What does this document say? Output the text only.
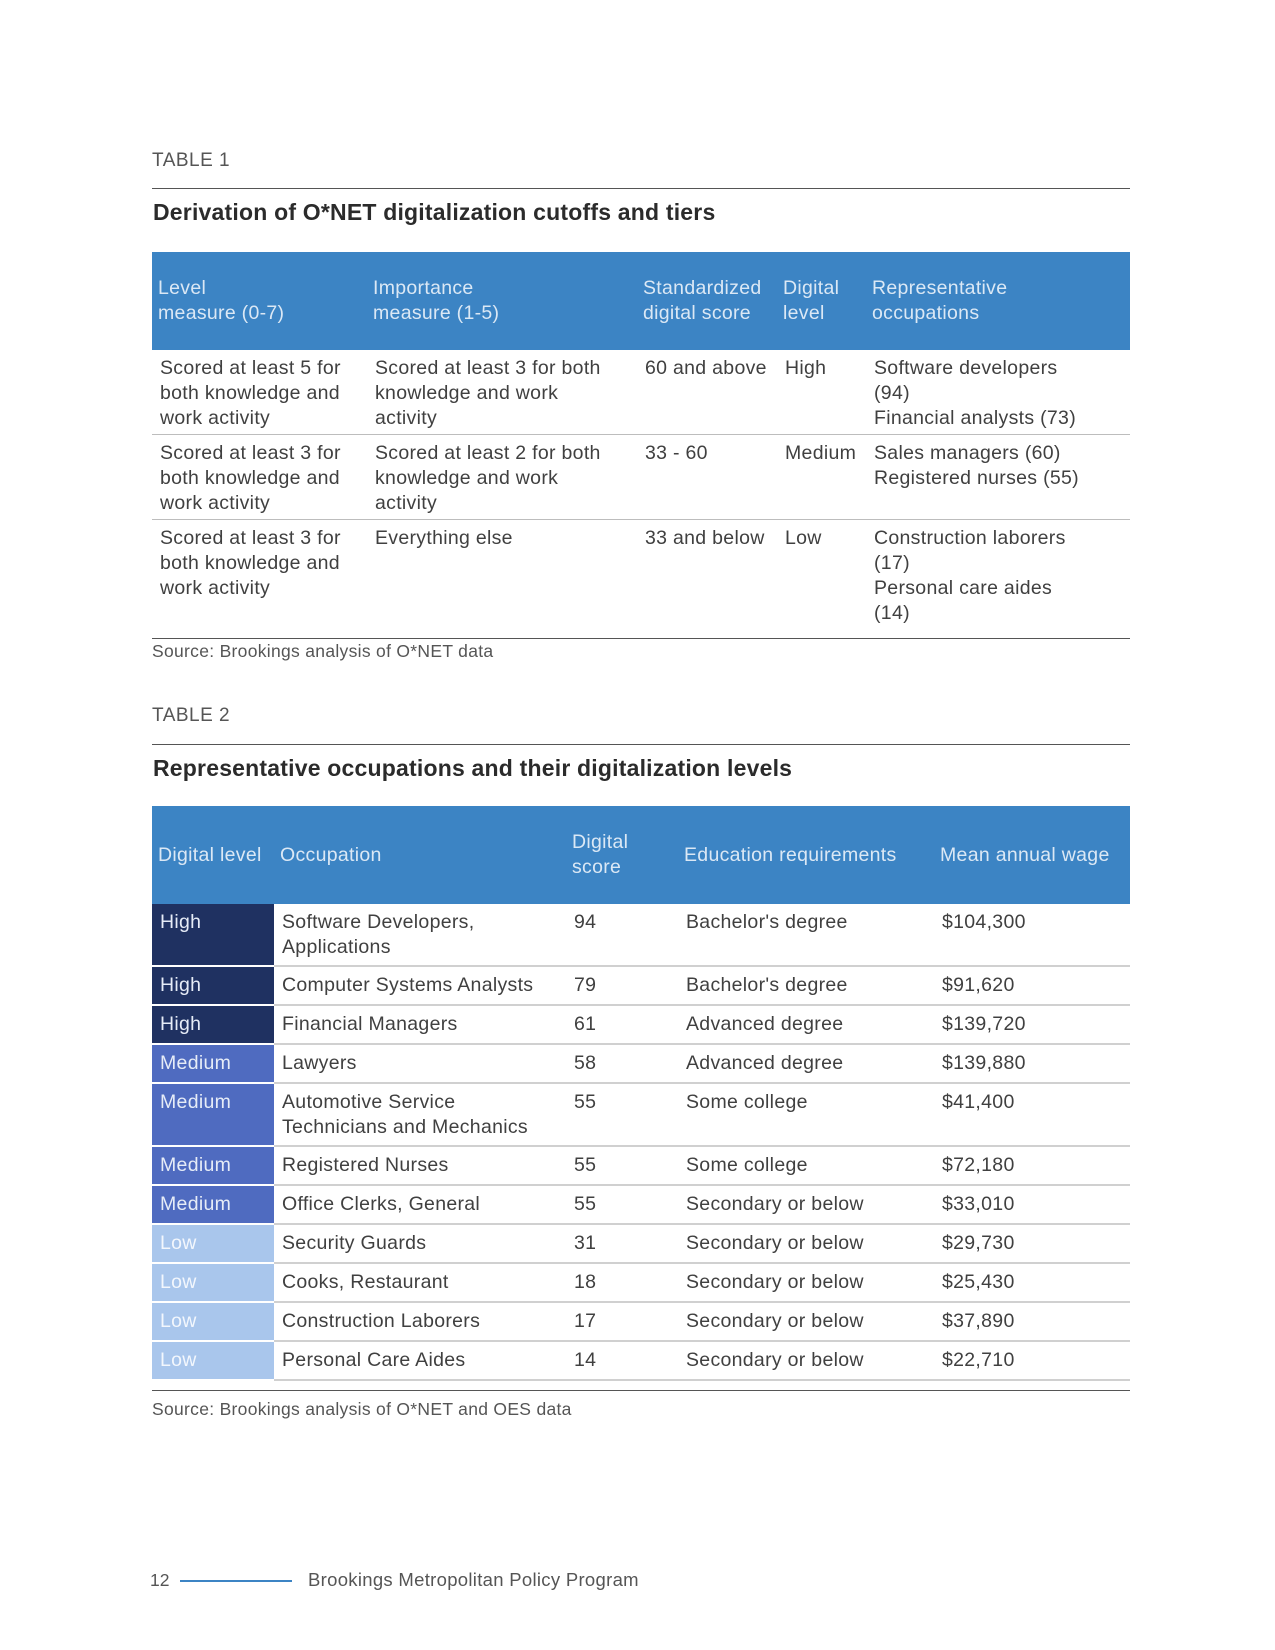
TABLE 1
Derivation of O*NET digitalization cutoffs and tiers
Level
measure (0-7)	Importance
measure (1-5)	Standardized
digital score	Digital
level	Representative
occupations

Scored at least 5 for
both knowledge and
work activity	Scored at least 3 for both
knowledge and work
activity	60 and above	High	Software developers
(94)
Financial analysts (73)

Scored at least 3 for
both knowledge and
work activity	Scored at least 2 for both
knowledge and work
activity	33 - 60	Medium	Sales managers (60)
Registered nurses (55)

Scored at least 3 for
both knowledge and
work activity	Everything else	33 and below	Low	Construction laborers
(17)
Personal care aides
(14)
Source: Brookings analysis of O*NET data
TABLE 2
Representative occupations and their digitalization levels
Digital level	Occupation	Digital
score	Education requirements	Mean annual wage
High	Software Developers,
Applications	94	Bachelor's degree	$104,300
High	Computer Systems Analysts	79	Bachelor's degree	$91,620
High	Financial Managers	61	Advanced degree	$139,720
Medium	Lawyers	58	Advanced degree	$139,880
Medium	Automotive Service
Technicians and Mechanics	55	Some college	$41,400
Medium	Registered Nurses	55	Some college	$72,180
Medium	Office Clerks, General	55	Secondary or below	$33,010
Low	Security Guards	31	Secondary or below	$29,730
Low	Cooks, Restaurant	18	Secondary or below	$25,430
Low	Construction Laborers	17	Secondary or below	$37,890
Low	Personal Care Aides	14	Secondary or below	$22,710
Source: Brookings analysis of O*NET and OES data
12	Brookings Metropolitan Policy Program
